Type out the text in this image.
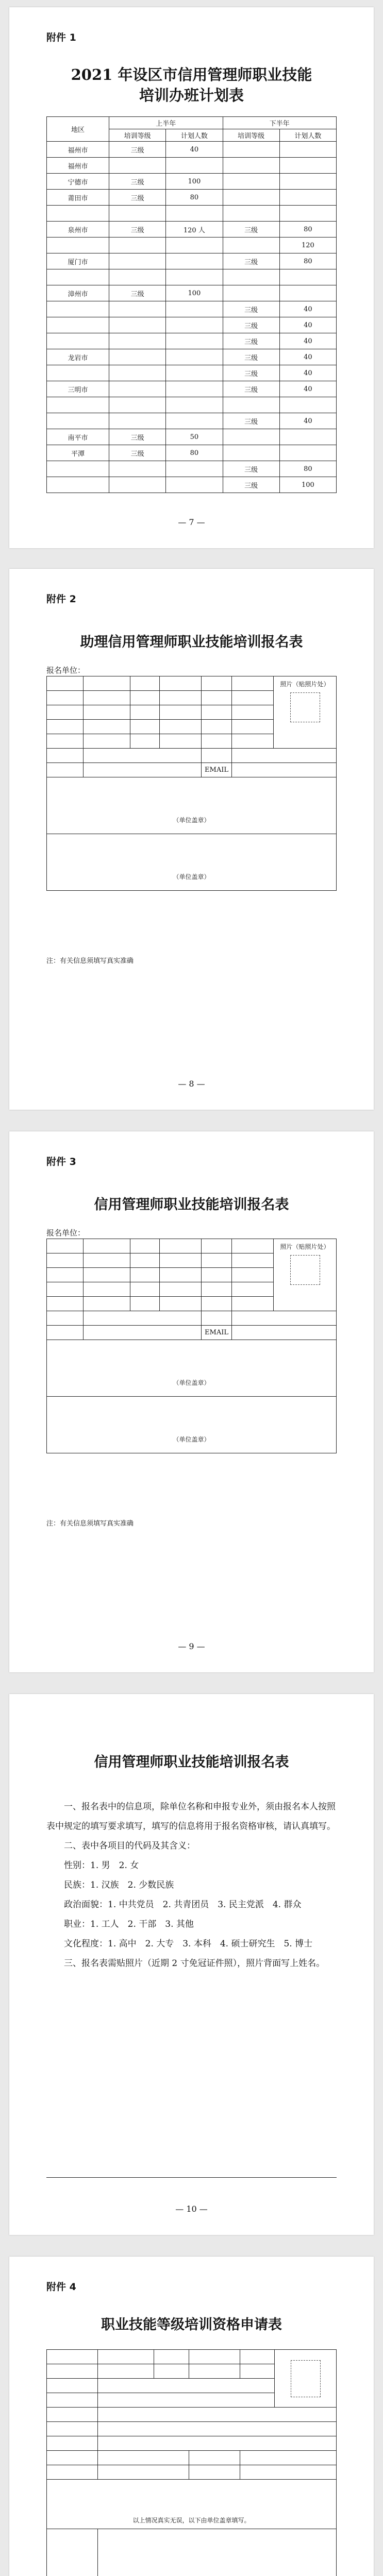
附件 1
2021 年设区市信用管理师职业技能
培训办班计划表
地区	上半年		下半年	
	培训等级	计划人数	培训等级	计划人数
福州市	三级	40		
福州市				
宁德市	三级	100		
莆田市	三级	80		

泉州市	三级	120 人	三级	80
				120
厦门市			三级	80

漳州市	三级	100		
			三级	40
			三级	40
			三级	40
龙岩市			三级	40
			三级	40
三明市			三级	40

			三级	40
南平市	三级	50		
平潭	三级	80		
			三级	80
			三级	100
— 7 —
附件 2
助理信用管理师职业技能培训报名表
报名单位：

						照片（贴照片处）

				EMAIL		

（单位盖章）						

（单位盖章）						
注：有关信息须填写真实准确
— 8 —
附件 3
信用管理师职业技能培训报名表
报名单位：

						照片（贴照片处）

				EMAIL		

（单位盖章）						

（单位盖章）						
注：有关信息须填写真实准确
— 9 —
信用管理师职业技能培训报名表
一、报名表中的信息项，除单位名称和申报专业外，须由报名本人按照表中规定的填写要求填写，填写的信息将用于报名资格审核，请认真填写。
二、表中各项目的代码及其含义：
性别：1. 男　2. 女
民族：1. 汉族　2. 少数民族
政治面貌：1. 中共党员　2. 共青团员　3. 民主党派　4. 群众
职业：1. 工人　2. 干部　3. 其他
文化程度：1. 高中　2. 大专　3. 本科　4. 硕士研究生　5. 博士
三、报名表需贴照片（近期 2 寸免冠证件照），照片背面写上姓名。
— 10 —
附件 4
职业技能等级培训资格申请表

以上情况真实无误，以下由单位盖章填写。					
